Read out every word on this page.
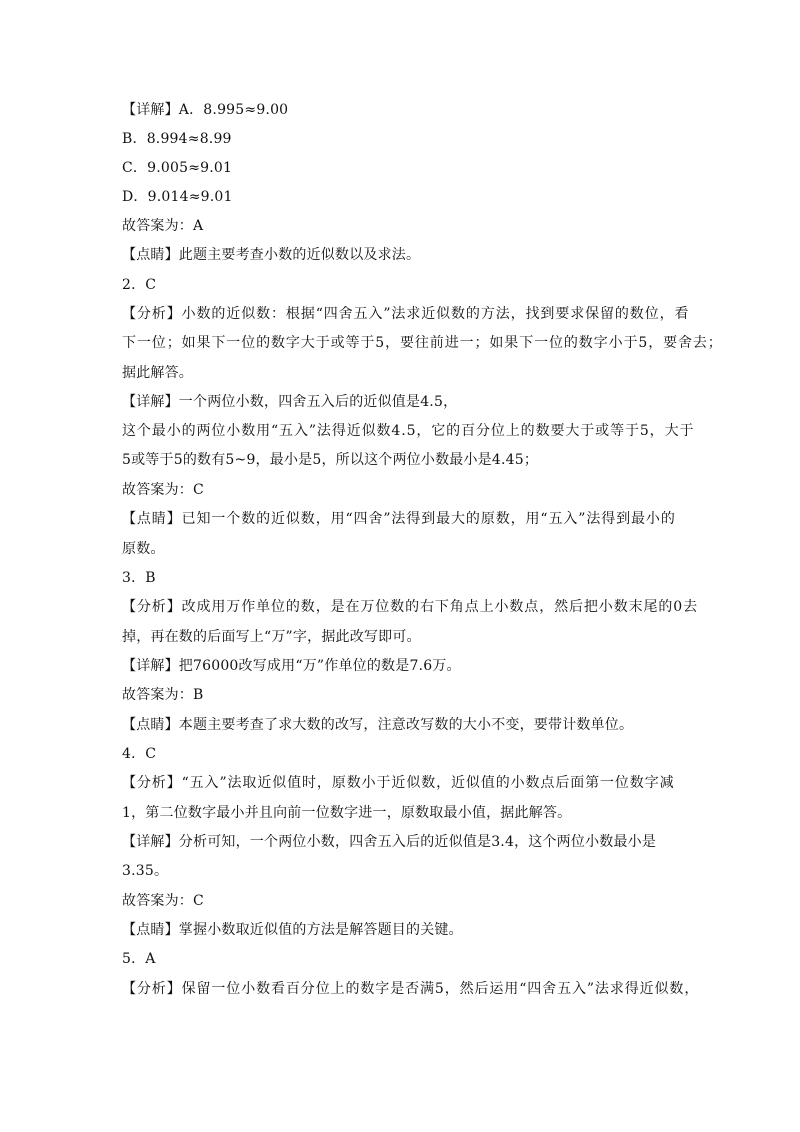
【详解】A．8.995≈9.00
B．8.994≈8.99
C．9.005≈9.01
D．9.014≈9.01
故答案为：A
【点睛】此题主要考查小数的近似数以及求法。
2．C
【分析】小数的近似数：根据“四舍五入”法求近似数的方法，找到要求保留的数位，看
下一位；如果下一位的数字大于或等于5，要往前进一；如果下一位的数字小于5，要舍去；
据此解答。
【详解】一个两位小数，四舍五入后的近似值是4.5，
这个最小的两位小数用“五入”法得近似数4.5，它的百分位上的数要大于或等于5，大于
5或等于5的数有5~9，最小是5，所以这个两位小数最小是4.45；
故答案为：C
【点睛】已知一个数的近似数，用“四舍”法得到最大的原数，用“五入”法得到最小的
原数。
3．B
【分析】改成用万作单位的数，是在万位数的右下角点上小数点，然后把小数末尾的0去
掉，再在数的后面写上“万”字，据此改写即可。
【详解】把76000改写成用“万”作单位的数是7.6万。
故答案为：B
【点睛】本题主要考查了求大数的改写，注意改写数的大小不变，要带计数单位。
4．C
【分析】“五入”法取近似值时，原数小于近似数，近似值的小数点后面第一位数字减
1，第二位数字最小并且向前一位数字进一，原数取最小值，据此解答。
【详解】分析可知，一个两位小数，四舍五入后的近似值是3.4，这个两位小数最小是
3.35。
故答案为：C
【点睛】掌握小数取近似值的方法是解答题目的关键。
5．A
【分析】保留一位小数看百分位上的数字是否满5，然后运用“四舍五入”法求得近似数，
